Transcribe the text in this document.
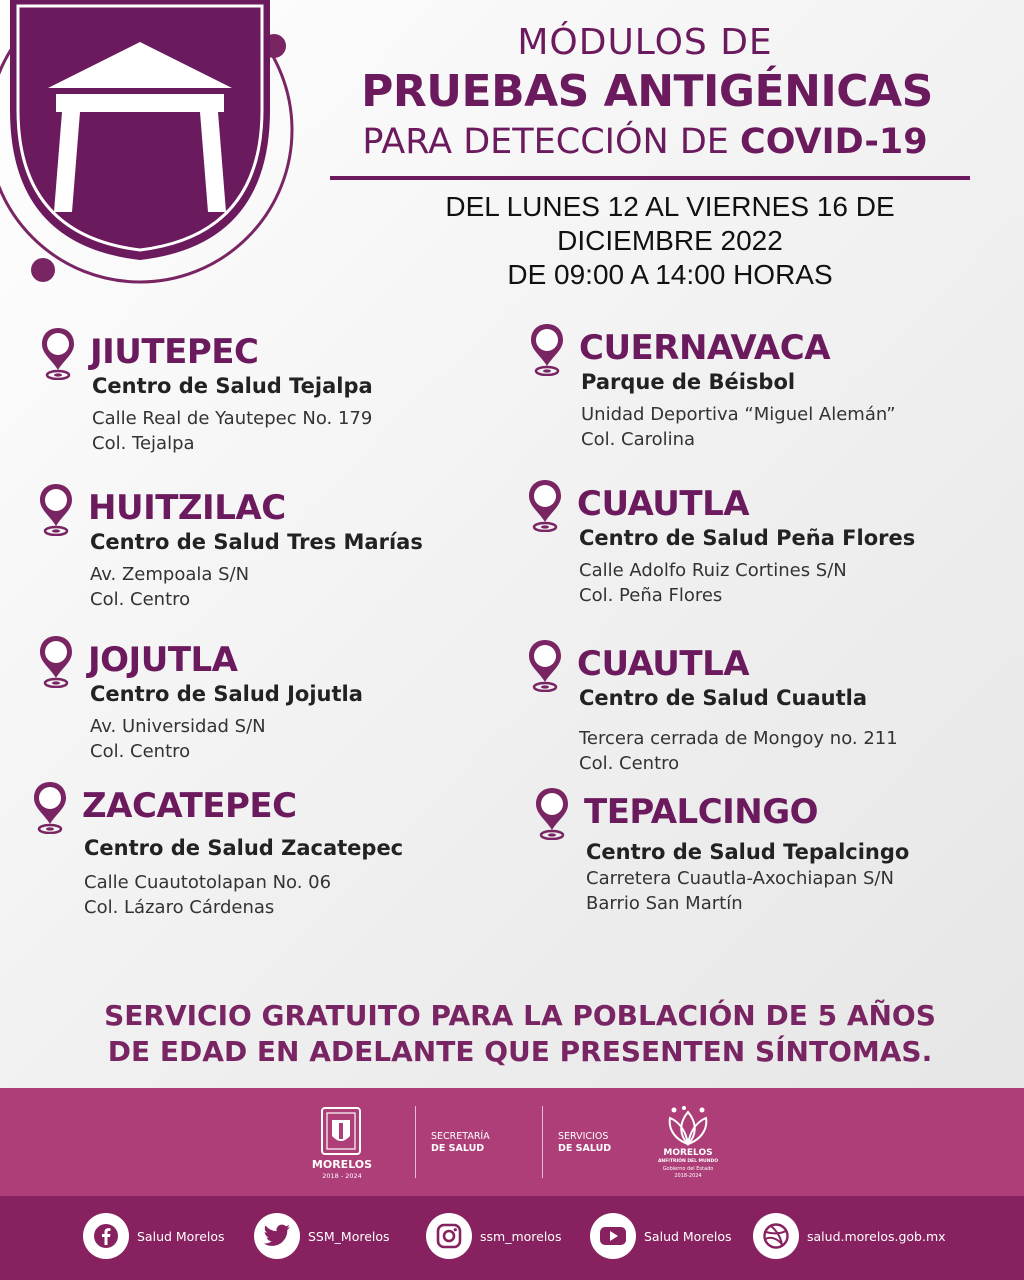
MÓDULOS DE
PRUEBAS ANTIGÉNICAS
PARA DETECCIÓN DE COVID-19
DEL LUNES 12 AL VIERNES 16 DE
DICIEMBRE 2022
DE 09:00 A 14:00 HORAS
JIUTEPEC
Centro de Salud Tejalpa
Calle Real de Yautepec No. 179
Col. Tejalpa
CUERNAVACA
Parque de Béisbol
Unidad Deportiva “Miguel Alemán”
Col. Carolina
HUITZILAC
Centro de Salud Tres Marías
Av. Zempoala S/N
Col. Centro
CUAUTLA
Centro de Salud Peña Flores
Calle Adolfo Ruiz Cortines S/N
Col. Peña Flores
JOJUTLA
Centro de Salud Jojutla
Av. Universidad S/N
Col. Centro
CUAUTLA
Centro de Salud Cuautla
Tercera cerrada de Mongoy no. 211
Col. Centro
ZACATEPEC
Centro de Salud Zacatepec
Calle Cuautotolapan No. 06
Col. Lázaro Cárdenas
TEPALCINGO
Centro de Salud Tepalcingo
Carretera Cuautla-Axochiapan S/N
Barrio San Martín
SERVICIO GRATUITO PARA LA POBLACIÓN DE 5 AÑOS
DE EDAD EN ADELANTE QUE PRESENTEN SÍNTOMAS.
MORELOS
2018 - 2024
SECRETARÍA
DE SALUD
SERVICIOS
DE SALUD	MORELOS
ANFITRIÓN DEL MUNDO
Gobierno del Estado
2018-2024
Salud Morelos	SSM_Morelos	ssm_morelos	Salud Morelos	salud.morelos.gob.mx
